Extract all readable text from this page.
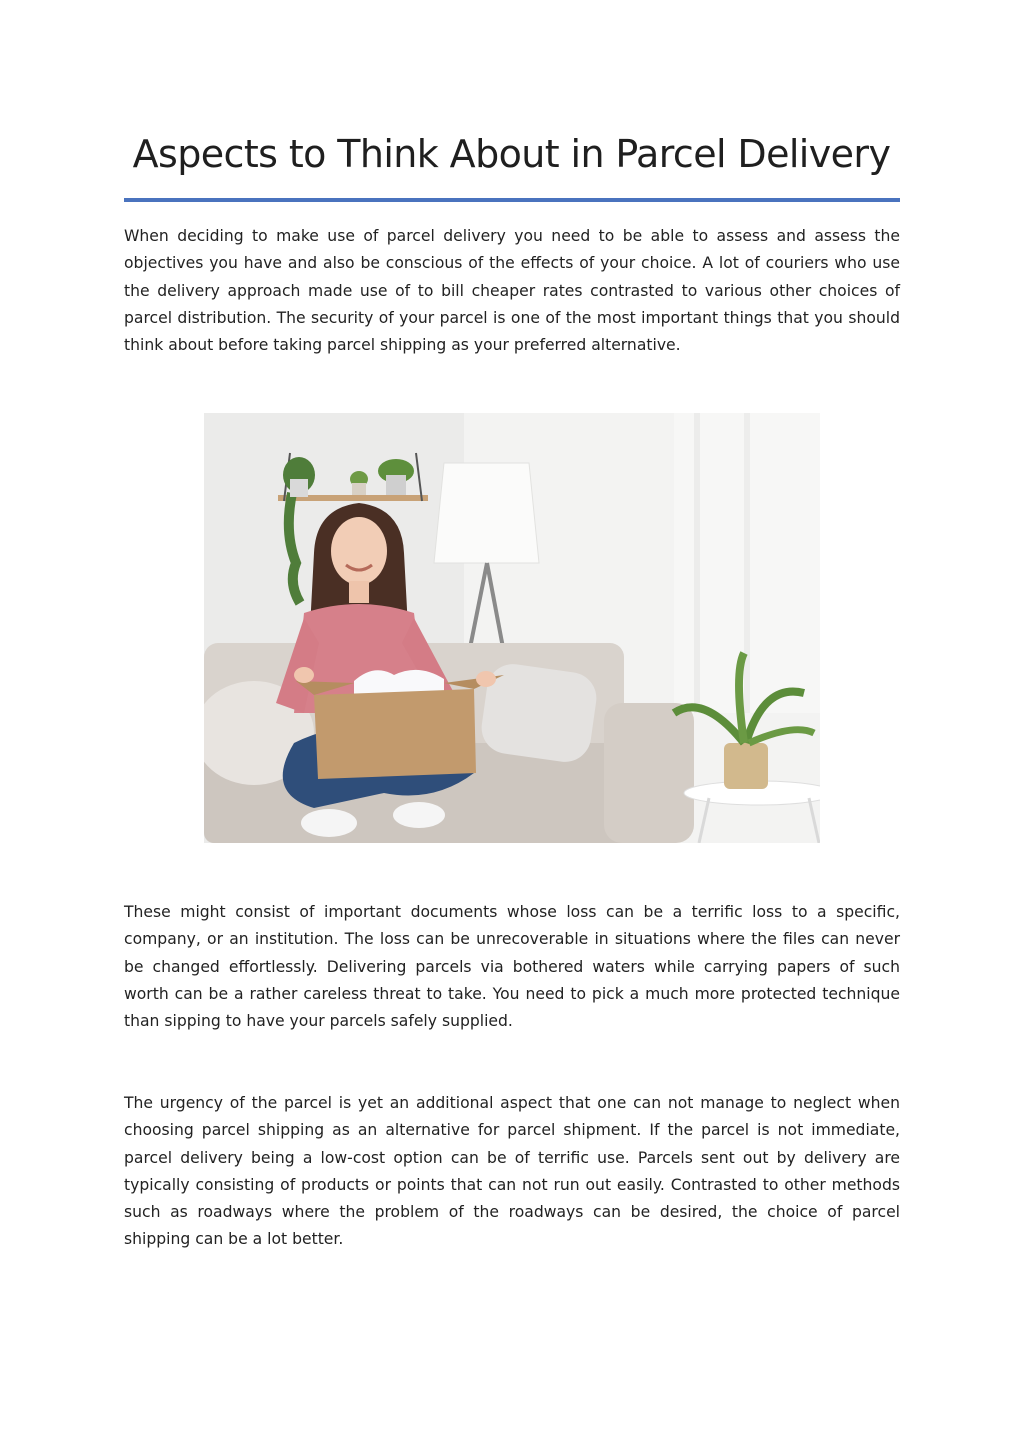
Aspects to Think About in Parcel Delivery

When deciding to make use of parcel delivery you need to be able to assess and assess the objectives you have and also be conscious of the effects of your choice. A lot of couriers who use the delivery approach made use of to bill cheaper rates contrasted to various other choices of parcel distribution. The security of your parcel is one of the most important things that you should think about before taking parcel shipping as your preferred alternative.

These might consist of important documents whose loss can be a terrific loss to a specific, company, or an institution. The loss can be unrecoverable in situations where the files can never be changed effortlessly. Delivering parcels via bothered waters while carrying papers of such worth can be a rather careless threat to take. You need to pick a much more protected technique than sipping to have your parcels safely supplied.

The urgency of the parcel is yet an additional aspect that one can not manage to neglect when choosing parcel shipping as an alternative for parcel shipment. If the parcel is not immediate, parcel delivery being a low-cost option can be of terrific use. Parcels sent out by delivery are typically consisting of products or points that can not run out easily. Contrasted to other methods such as roadways where the problem of the roadways can be desired, the choice of parcel shipping can be a lot better.
